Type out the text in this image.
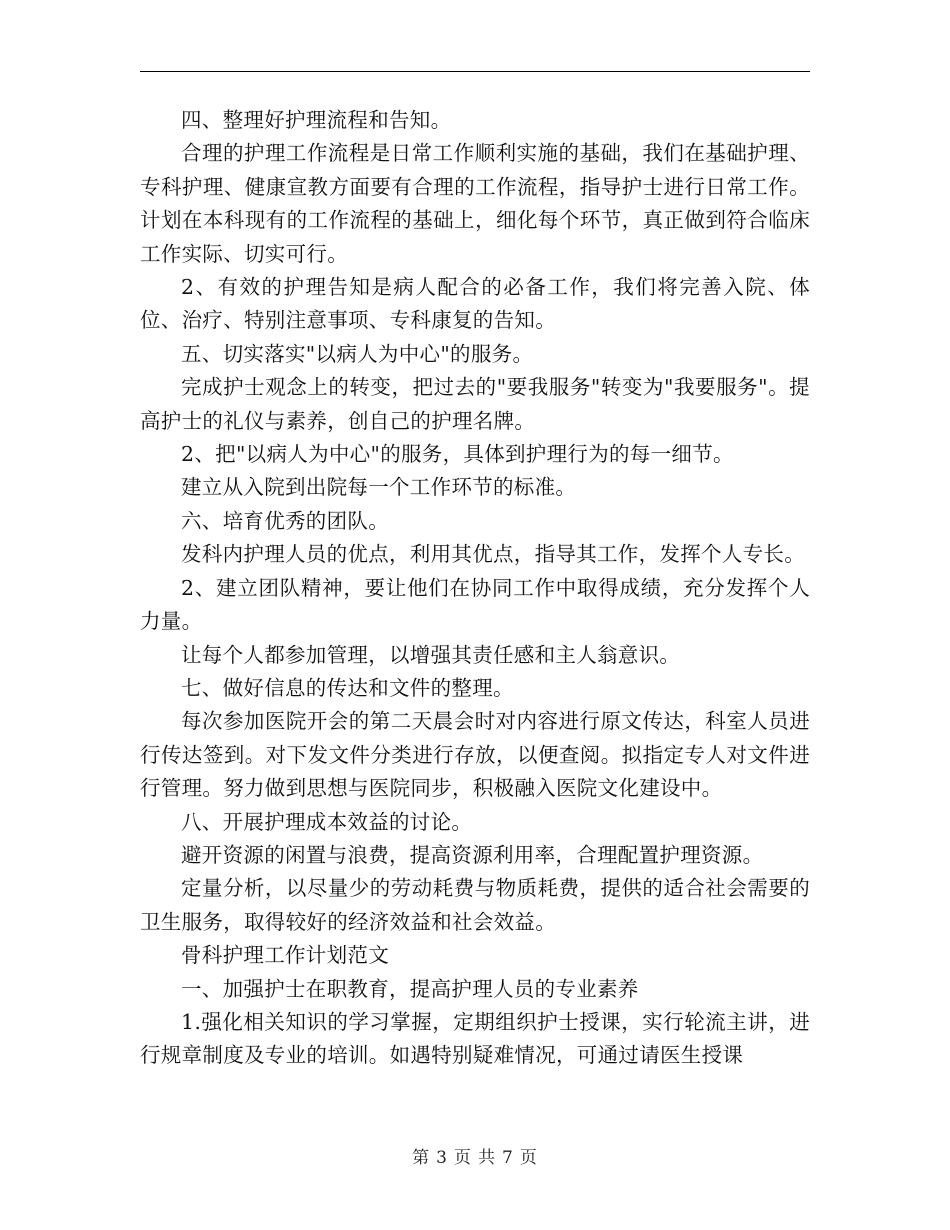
四、整理好护理流程和告知。

合理的护理工作流程是日常工作顺利实施的基础，我们在基础护理、专科护理、健康宣教方面要有合理的工作流程，指导护士进行日常工作。计划在本科现有的工作流程的基础上，细化每个环节，真正做到符合临床工作实际、切实可行。

2、有效的护理告知是病人配合的必备工作，我们将完善入院、体位、治疗、特别注意事项、专科康复的告知。

五、切实落实"以病人为中心"的服务。

完成护士观念上的转变，把过去的"要我服务"转变为"我要服务"。提高护士的礼仪与素养，创自己的护理名牌。

2、把"以病人为中心"的服务，具体到护理行为的每一细节。

建立从入院到出院每一个工作环节的标准。

六、培育优秀的团队。

发科内护理人员的优点，利用其优点，指导其工作，发挥个人专长。

2、建立团队精神，要让他们在协同工作中取得成绩，充分发挥个人力量。

让每个人都参加管理，以增强其责任感和主人翁意识。

七、做好信息的传达和文件的整理。

每次参加医院开会的第二天晨会时对内容进行原文传达，科室人员进行传达签到。对下发文件分类进行存放，以便查阅。拟指定专人对文件进行管理。努力做到思想与医院同步，积极融入医院文化建设中。

八、开展护理成本效益的讨论。

避开资源的闲置与浪费，提高资源利用率，合理配置护理资源。

定量分析，以尽量少的劳动耗费与物质耗费，提供的适合社会需要的卫生服务，取得较好的经济效益和社会效益。

骨科护理工作计划范文

一、加强护士在职教育，提高护理人员的专业素养

1.强化相关知识的学习掌握，定期组织护士授课，实行轮流主讲，进行规章制度及专业的培训。如遇特别疑难情况，可通过请医生授课

第 3 页 共 7 页
